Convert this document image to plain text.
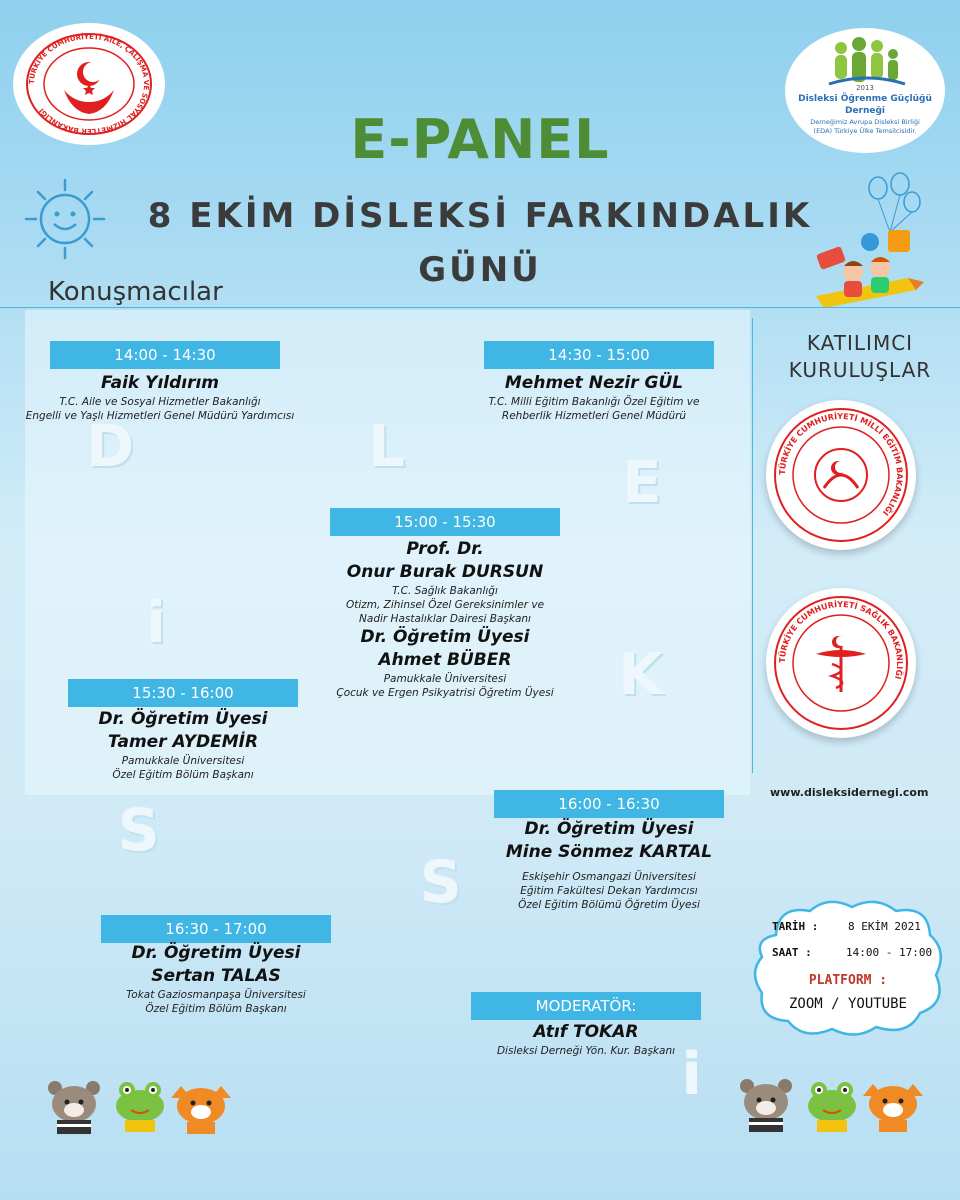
TÜRKİYE CUMHURİYETİ AİLE, ÇALIŞMA VE SOSYAL HİZMETLER BAKANLIĞI
2013
Disleksi Öğrenme Güçlüğü
Derneği
Derneğimiz Avrupa Disleksi Birliği
(EDA) Türkiye Ülke Temsilcisidir.
E-PANEL
8 EKİM DİSLEKSİ FARKINDALIK
GÜNÜ
Konuşmacılar
D	L
E
i
K
S
S
i
14:00 - 14:30
Faik Yıldırım
T.C. Aile ve Sosyal Hizmetler Bakanlığı
Engelli ve Yaşlı Hizmetleri Genel Müdürü Yardımcısı
14:30 - 15:00
Mehmet Nezir GÜL
T.C. Milli Eğitim Bakanlığı Özel Eğitim ve
Rehberlik Hizmetleri Genel Müdürü
15:00 - 15:30
Prof. Dr.
Onur Burak DURSUN
T.C. Sağlık Bakanlığı
Otizm, Zihinsel Özel Gereksinimler ve
Nadir Hastalıklar Dairesi Başkanı
Dr. Öğretim Üyesi
Ahmet BÜBER
Pamukkale Üniversitesi
Çocuk ve Ergen Psikyatrisi Öğretim Üyesi
15:30 - 16:00
Dr. Öğretim Üyesi
Tamer AYDEMİR
Pamukkale Üniversitesi
Özel Eğitim Bölüm Başkanı
16:00 - 16:30
Dr. Öğretim Üyesi
Mine Sönmez KARTAL
Eskişehir Osmangazi Üniversitesi
Eğitim Fakültesi Dekan Yardımcısı
Özel Eğitim Bölümü Öğretim Üyesi
16:30 - 17:00
Dr. Öğretim Üyesi
Sertan TALAS
Tokat Gaziosmanpaşa Üniversitesi
Özel Eğitim Bölüm Başkanı	MODERATÖR:
Atıf TOKAR
Disleksi Derneği Yön. Kur. Başkanı
KATILIMCI
KURULUŞLAR
TÜRKİYE CUMHURİYETİ MİLLİ EĞİTİM BAKANLIĞI
TÜRKİYE CUMHURİYETİ SAĞLIK BAKANLIĞI
www.disleksidernegi.com
TARİH :	8 EKİM 2021
SAAT :	14:00 - 17:00
PLATFORM :
ZOOM / YOUTUBE
